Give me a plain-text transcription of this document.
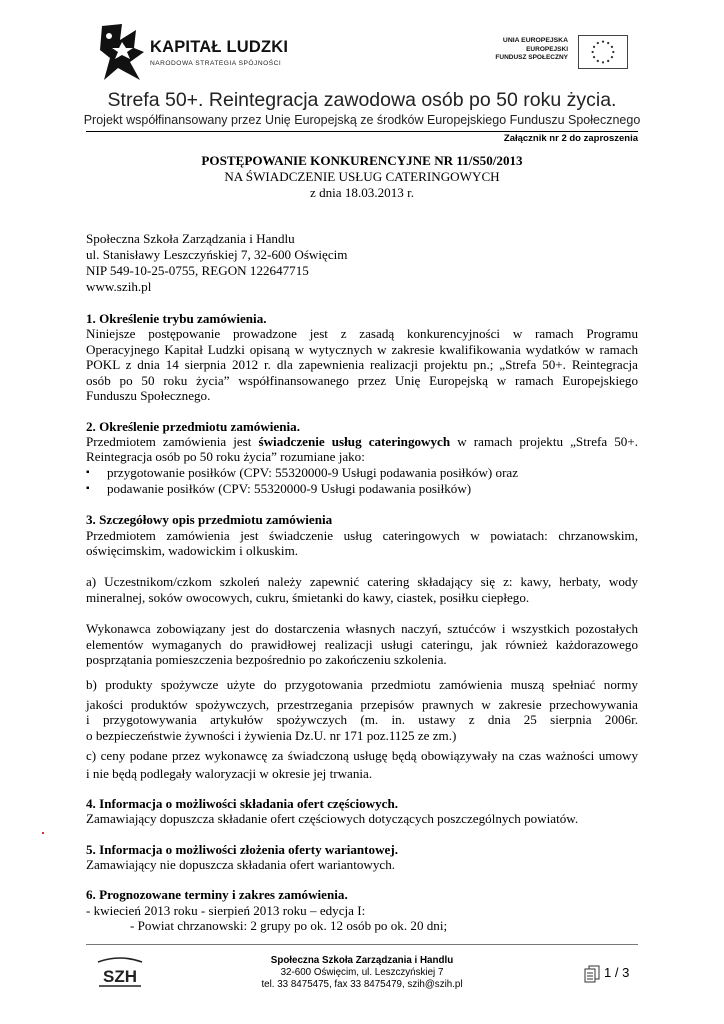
KAPITAŁ LUDZKI
NARODOWA STRATEGIA SPÓJNOŚCI
UNIA EUROPEJSKA
EUROPEJSKI
FUNDUSZ SPOŁECZNY
Strefa 50+. Reintegracja zawodowa osób po 50 roku życia.
Projekt współfinansowany przez Unię Europejską ze środków Europejskiego Funduszu Społecznego
Załącznik nr 2 do zaproszenia
POSTĘPOWANIE KONKURENCYJNE NR 11/S50/2013
NA ŚWIADCZENIE USŁUG CATERINGOWYCH
z dnia 18.03.2013 r.
Społeczna Szkoła Zarządzania i Handlu
ul. Stanisławy Leszczyńskiej 7, 32-600 Oświęcim
NIP 549-10-25-0755, REGON 122647715
www.szih.pl
1. Określenie trybu zamówienia.
Niniejsze postępowanie prowadzone jest z zasadą konkurencyjności w ramach Programu
Operacyjnego Kapitał Ludzki opisaną w wytycznych w zakresie kwalifikowania wydatków w ramach
POKL z dnia 14 sierpnia 2012 r. dla zapewnienia realizacji projektu pn.; „Strefa 50+. Reintegracja
osób po 50 roku życia” współfinansowanego przez Unię Europejską w ramach Europejskiego
Funduszu Społecznego.
2. Określenie przedmiotu zamówienia.
Przedmiotem zamówienia jest świadczenie usług cateringowych w ramach projektu „Strefa 50+.
Reintegracja osób po 50 roku życia” rozumiane jako:
▪ przygotowanie posiłków (CPV: 55320000-9 Usługi podawania posiłków) oraz
▪ podawanie posiłków (CPV: 55320000-9 Usługi podawania posiłków)
3. Szczegółowy opis przedmiotu zamówienia
Przedmiotem zamówienia jest świadczenie usług cateringowych w powiatach: chrzanowskim,
oświęcimskim, wadowickim i olkuskim.
a) Uczestnikom/czkom szkoleń należy zapewnić catering składający się z: kawy, herbaty, wody
mineralnej, soków owocowych, cukru, śmietanki do kawy, ciastek, posiłku ciepłego.
Wykonawca zobowiązany jest do dostarczenia własnych naczyń, sztućców i wszystkich pozostałych
elementów wymaganych do prawidłowej realizacji usługi cateringu, jak również każdorazowego
posprzątania pomieszczenia bezpośrednio po zakończeniu szkolenia.
b) produkty spożywcze użyte do przygotowania przedmiotu zamówienia muszą spełniać normy
jakości produktów spożywczych, przestrzegania przepisów prawnych w zakresie przechowywania
i przygotowywania artykułów spożywczych (m. in. ustawy z dnia 25 sierpnia 2006r.
o bezpieczeństwie żywności i żywienia Dz.U. nr 171 poz.1125 ze zm.)
c) ceny podane przez wykonawcę za świadczoną usługę będą obowiązywały na czas ważności umowy
i nie będą podlegały waloryzacji w okresie jej trwania.
4. Informacja o możliwości składania ofert częściowych.
Zamawiający dopuszcza składanie ofert częściowych dotyczących poszczególnych powiatów.
5. Informacja o możliwości złożenia oferty wariantowej.
Zamawiający nie dopuszcza składania ofert wariantowych.
6. Prognozowane terminy i zakres zamówienia.
- kwiecień 2013 roku - sierpień 2013 roku – edycja I:
- Powiat chrzanowski: 2 grupy po ok. 12 osób po ok. 20 dni;
SZH
Społeczna Szkoła Zarządzania i Handlu
32-600 Oświęcim, ul. Leszczyńskiej 7
tel. 33 8475475, fax 33 8475479, szih@szih.pl
1 / 3
